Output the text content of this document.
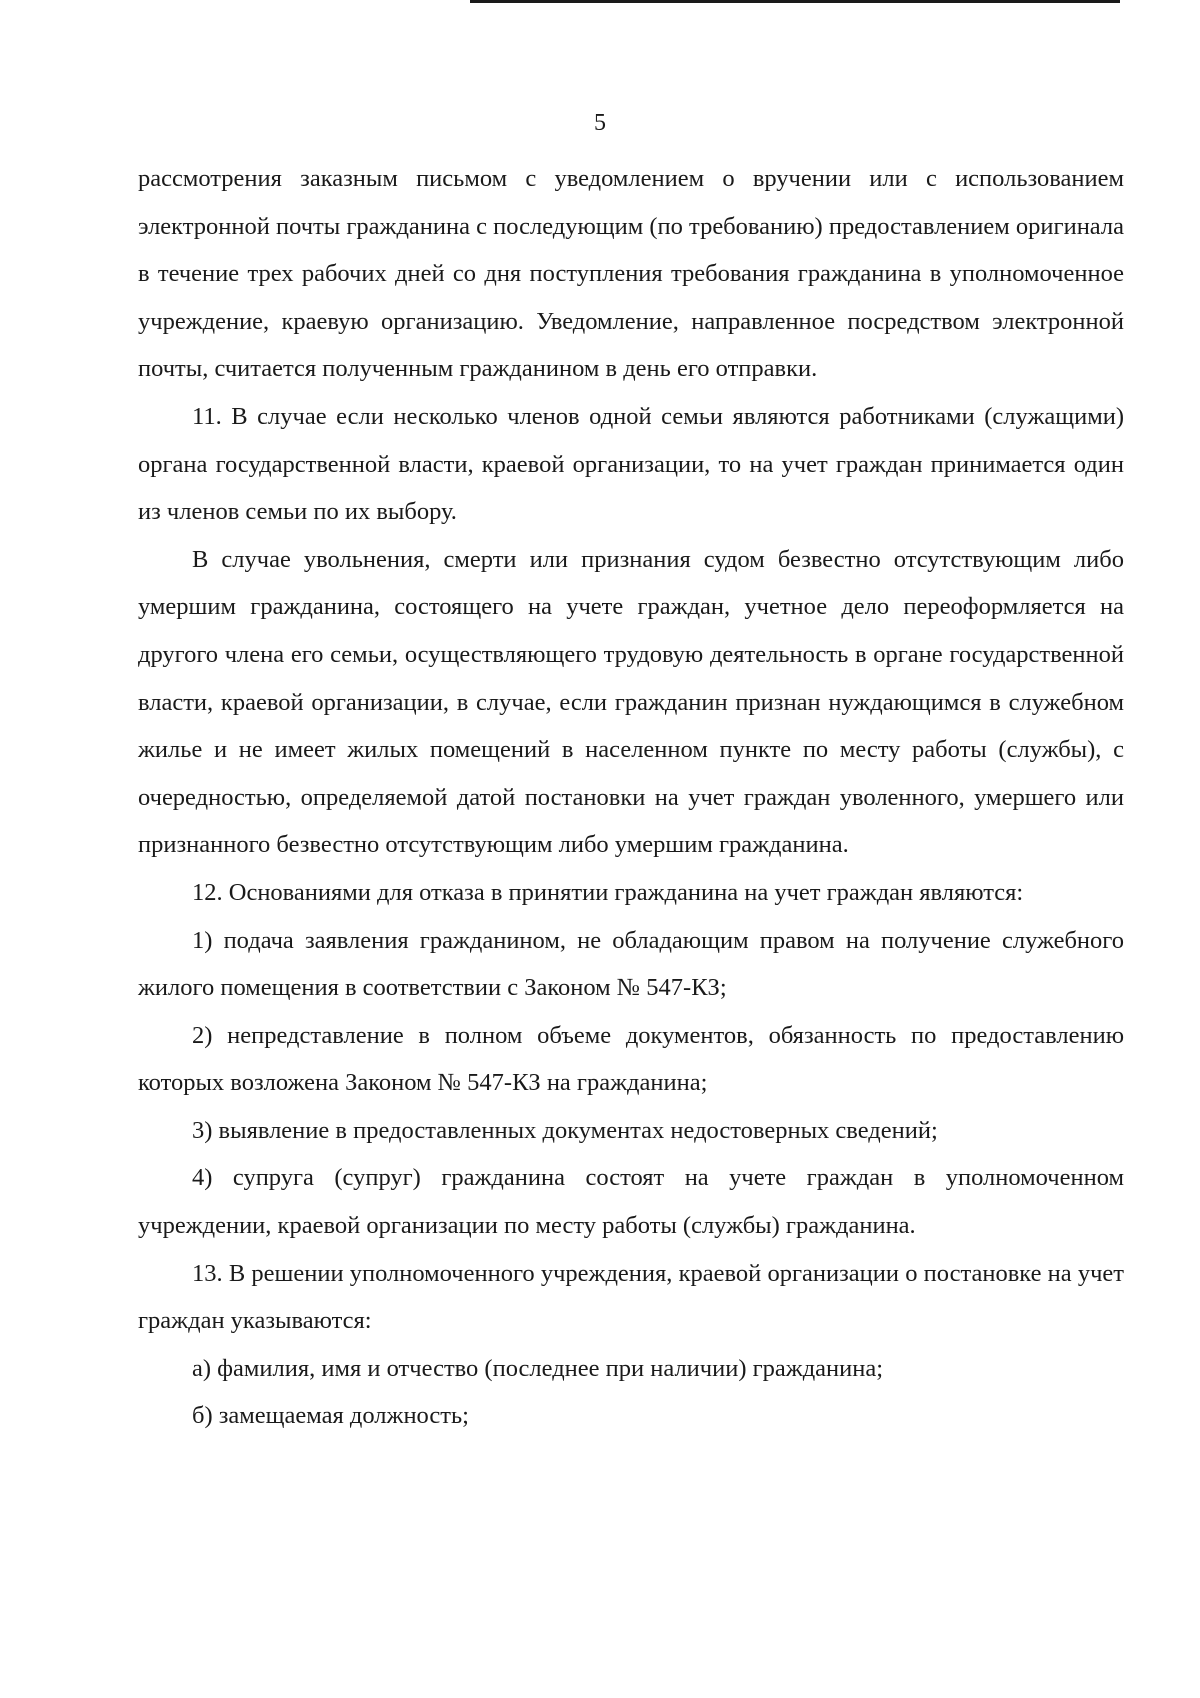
5

рассмотрения заказным письмом с уведомлением о вручении или с использованием электронной почты гражданина с последующим (по требованию) предоставлением оригинала в течение трех рабочих дней со дня поступления требования гражданина в уполномоченное учреждение, краевую организацию. Уведомление, направленное посредством электронной почты, считается полученным гражданином в день его отправки.

11. В случае если несколько членов одной семьи являются работниками (служащими) органа государственной власти, краевой организации, то на учет граждан принимается один из членов семьи по их выбору.

В случае увольнения, смерти или признания судом безвестно отсутствующим либо умершим гражданина, состоящего на учете граждан, учетное дело переоформляется на другого члена его семьи, осуществляющего трудовую деятельность в органе государственной власти, краевой организации, в случае, если гражданин признан нуждающимся в служебном жилье и не имеет жилых помещений в населенном пункте по месту работы (службы), с очередностью, определяемой датой постановки на учет граждан уволенного, умершего или признанного безвестно отсутствующим либо умершим гражданина.

12. Основаниями для отказа в принятии гражданина на учет граждан являются:

1) подача заявления гражданином, не обладающим правом на получение служебного жилого помещения в соответствии с Законом № 547-КЗ;

2) непредставление в полном объеме документов, обязанность по предоставлению которых возложена Законом № 547-КЗ на гражданина;

3) выявление в предоставленных документах недостоверных сведений;

4) супруга (супруг) гражданина состоят на учете граждан в уполномоченном учреждении, краевой организации по месту работы (службы) гражданина.

13. В решении уполномоченного учреждения, краевой организации о постановке на учет граждан указываются:

а) фамилия, имя и отчество (последнее при наличии) гражданина;

б) замещаемая должность;
